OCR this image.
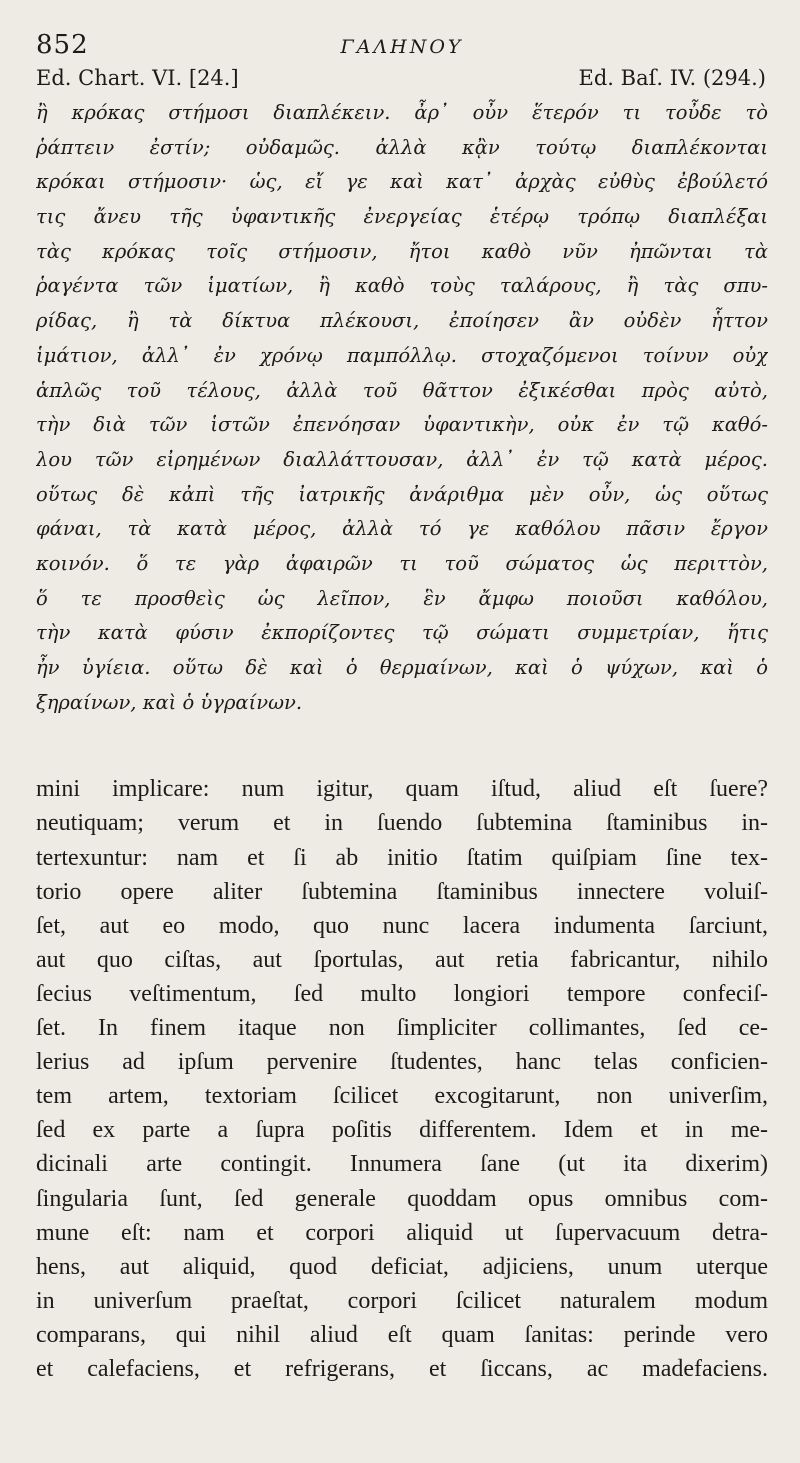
852	ΓΑΛΗΝΟΥ
Ed. Chart. VI. [24.]	Ed. Baſ. IV. (294.)
ἢ κρόκας στήμοσι διαπλέκειν. ἆρ᾽ οὖν ἕτερόν τι τοὖδε τὸ
ῥάπτειν ἐστίν; οὐδαμῶς. ἀλλὰ κᾂν τούτῳ διαπλέκονται
κρόκαι στήμοσιν· ὡς, εἴ γε καὶ κατ᾽ ἀρχὰς εὐθὺς ἐβούλετό
τις ἄνευ τῆς ὑφαντικῆς ἐνεργείας ἑτέρῳ τρόπῳ διαπλέξαι
τὰς κρόκας τοῖς στήμοσιν, ἤτοι καθὸ νῦν ἠπῶνται τὰ
ῥαγέντα τῶν ἱματίων, ἢ καθὸ τοὺς ταλάρους, ἢ τὰς σπυ-
ρίδας, ἢ τὰ δίκτυα πλέκουσι, ἐποίησεν ἂν οὐδὲν ἧττον
ἱμάτιον, ἀλλ᾽ ἐν χρόνῳ παμπόλλῳ. στοχαζόμενοι τοίνυν οὐχ
ἁπλῶς τοῦ τέλους, ἀλλὰ τοῦ θᾶττον ἐξικέσθαι πρὸς αὐτὸ,
τὴν διὰ τῶν ἱστῶν ἐπενόησαν ὑφαντικὴν, οὐκ ἐν τῷ καθό-
λου τῶν εἰρημένων διαλλάττουσαν, ἀλλ᾽ ἐν τῷ κατὰ μέρος.
οὕτως δὲ κἀπὶ τῆς ἰατρικῆς ἀνάριθμα μὲν οὖν, ὡς οὕτως
φάναι, τὰ κατὰ μέρος, ἀλλὰ τό γε καθόλου πᾶσιν ἔργον
κοινόν. ὅ τε γὰρ ἀφαιρῶν τι τοῦ σώματος ὡς περιττὸν,
ὅ τε προσθεὶς ὡς λεῖπον, ἓν ἄμφω ποιοῦσι καθόλου,
τὴν κατὰ φύσιν ἐκπορίζοντες τῷ σώματι συμμετρίαν, ἥτις
ἦν ὑγίεια. οὕτω δὲ καὶ ὁ θερμαίνων, καὶ ὁ ψύχων, καὶ ὁ
ξηραίνων, καὶ ὁ ὑγραίνων.
mini implicare: num igitur, quam iſtud, aliud eſt ſuere?
neutiquam; verum et in ſuendo ſubtemina ſtaminibus in-
tertexuntur: nam et ſi ab initio ſtatim quiſpiam ſine tex-
torio opere aliter ſubtemina ſtaminibus innectere voluiſ-
ſet, aut eo modo, quo nunc lacera indumenta ſarciunt,
aut quo ciſtas, aut ſportulas, aut retia fabricantur, nihilo
ſecius veſtimentum, ſed multo longiori tempore confeciſ-
ſet. In finem itaque non ſimpliciter collimantes, ſed ce-
lerius ad ipſum pervenire ſtudentes, hanc telas conficien-
tem artem, textoriam ſcilicet excogitarunt, non univerſim,
ſed ex parte a ſupra poſitis differentem. Idem et in me-
dicinali arte contingit. Innumera ſane (ut ita dixerim)
ſingularia ſunt, ſed generale quoddam opus omnibus com-
mune eſt: nam et corpori aliquid ut ſupervacuum detra-
hens, aut aliquid, quod deficiat, adjiciens, unum uterque
in univerſum praeſtat, corpori ſcilicet naturalem modum
comparans, qui nihil aliud eſt quam ſanitas: perinde vero
et calefaciens, et refrigerans, et ſiccans, ac madefaciens.
